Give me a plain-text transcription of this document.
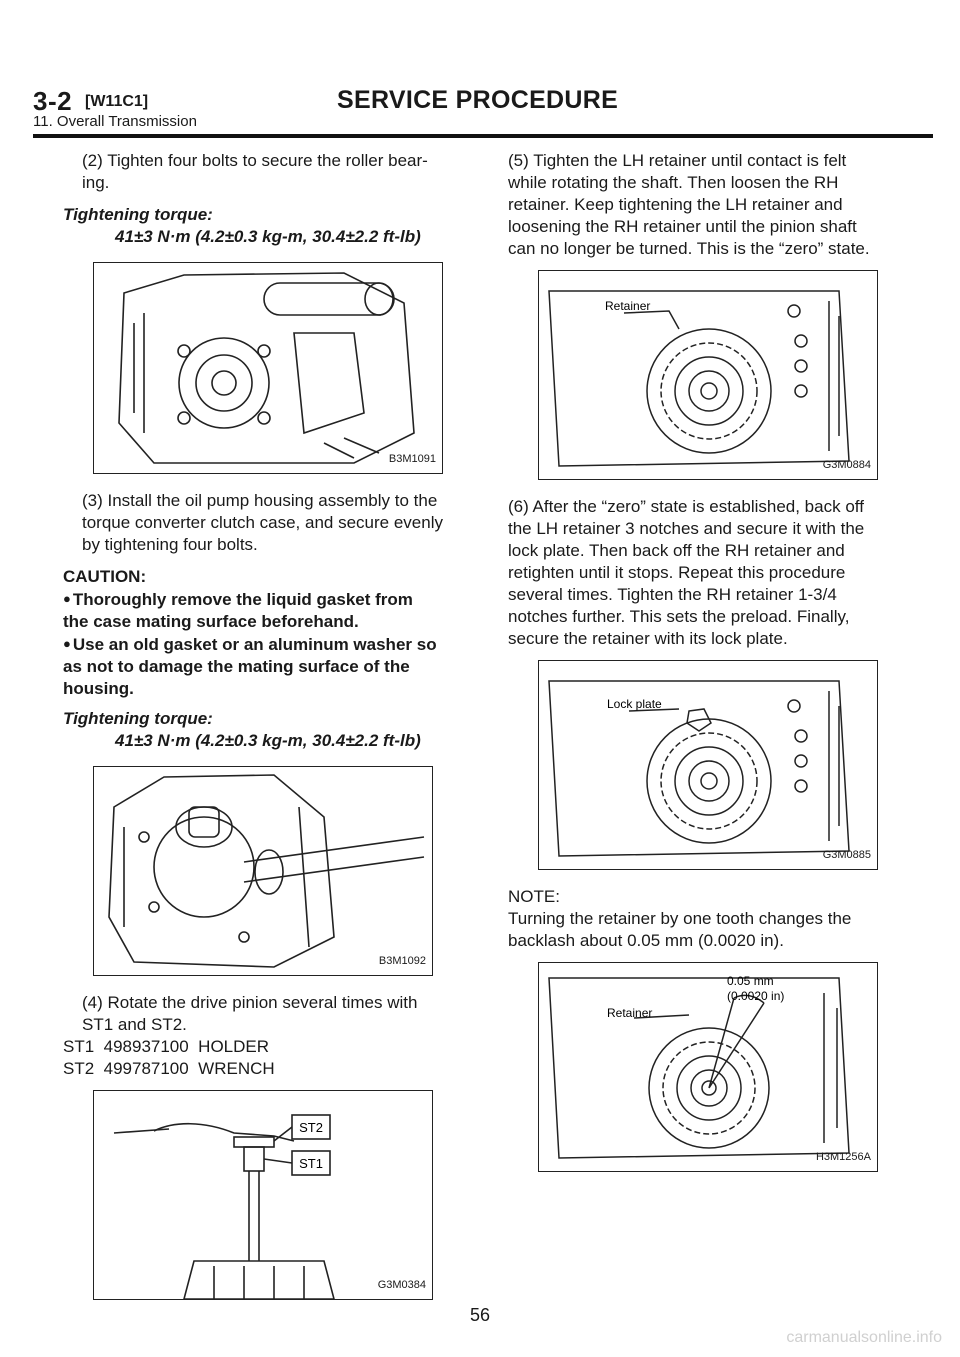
3-2 [W11C1]	SERVICE PROCEDURE
11. Overall Transmission

(2) Tighten four bolts to secure the roller bear-ing.

Tightening torque:

41±3 N·m (4.2±0.3 kg-m, 30.4±2.2 ft-lb)

B3M1091

(3) Install the oil pump housing assembly to the torque converter clutch case, and secure evenly by tightening four bolts.

CAUTION:

● Thoroughly remove the liquid gasket from the case mating surface beforehand.

● Use an old gasket or an aluminum washer so as not to damage the mating surface of the housing.

Tightening torque:

41±3 N·m (4.2±0.3 kg-m, 30.4±2.2 ft-lb)

B3M1092

(4) Rotate the drive pinion several times with ST1 and ST2.

ST1  498937100  HOLDER

ST2  499787100  WRENCH

ST2
ST1
G3M0384

(5) Tighten the LH retainer until contact is felt while rotating the shaft. Then loosen the RH retainer. Keep tightening the LH retainer and loosening the RH retainer until the pinion shaft can no longer be turned. This is the “zero” state.

Retainer
G3M0884

(6) After the “zero” state is established, back off the LH retainer 3 notches and secure it with the lock plate. Then back off the RH retainer and retighten until it stops. Repeat this procedure several times. Tighten the RH retainer 1-3/4 notches further. This sets the preload. Finally, secure the retainer with its lock plate.

Lock plate
G3M0885

NOTE:

Turning the retainer by one tooth changes the backlash about 0.05 mm (0.0020 in).

Retainer
0.05 mm
(0.0020 in)
H3M1256A
56
carmanualsonline.info
